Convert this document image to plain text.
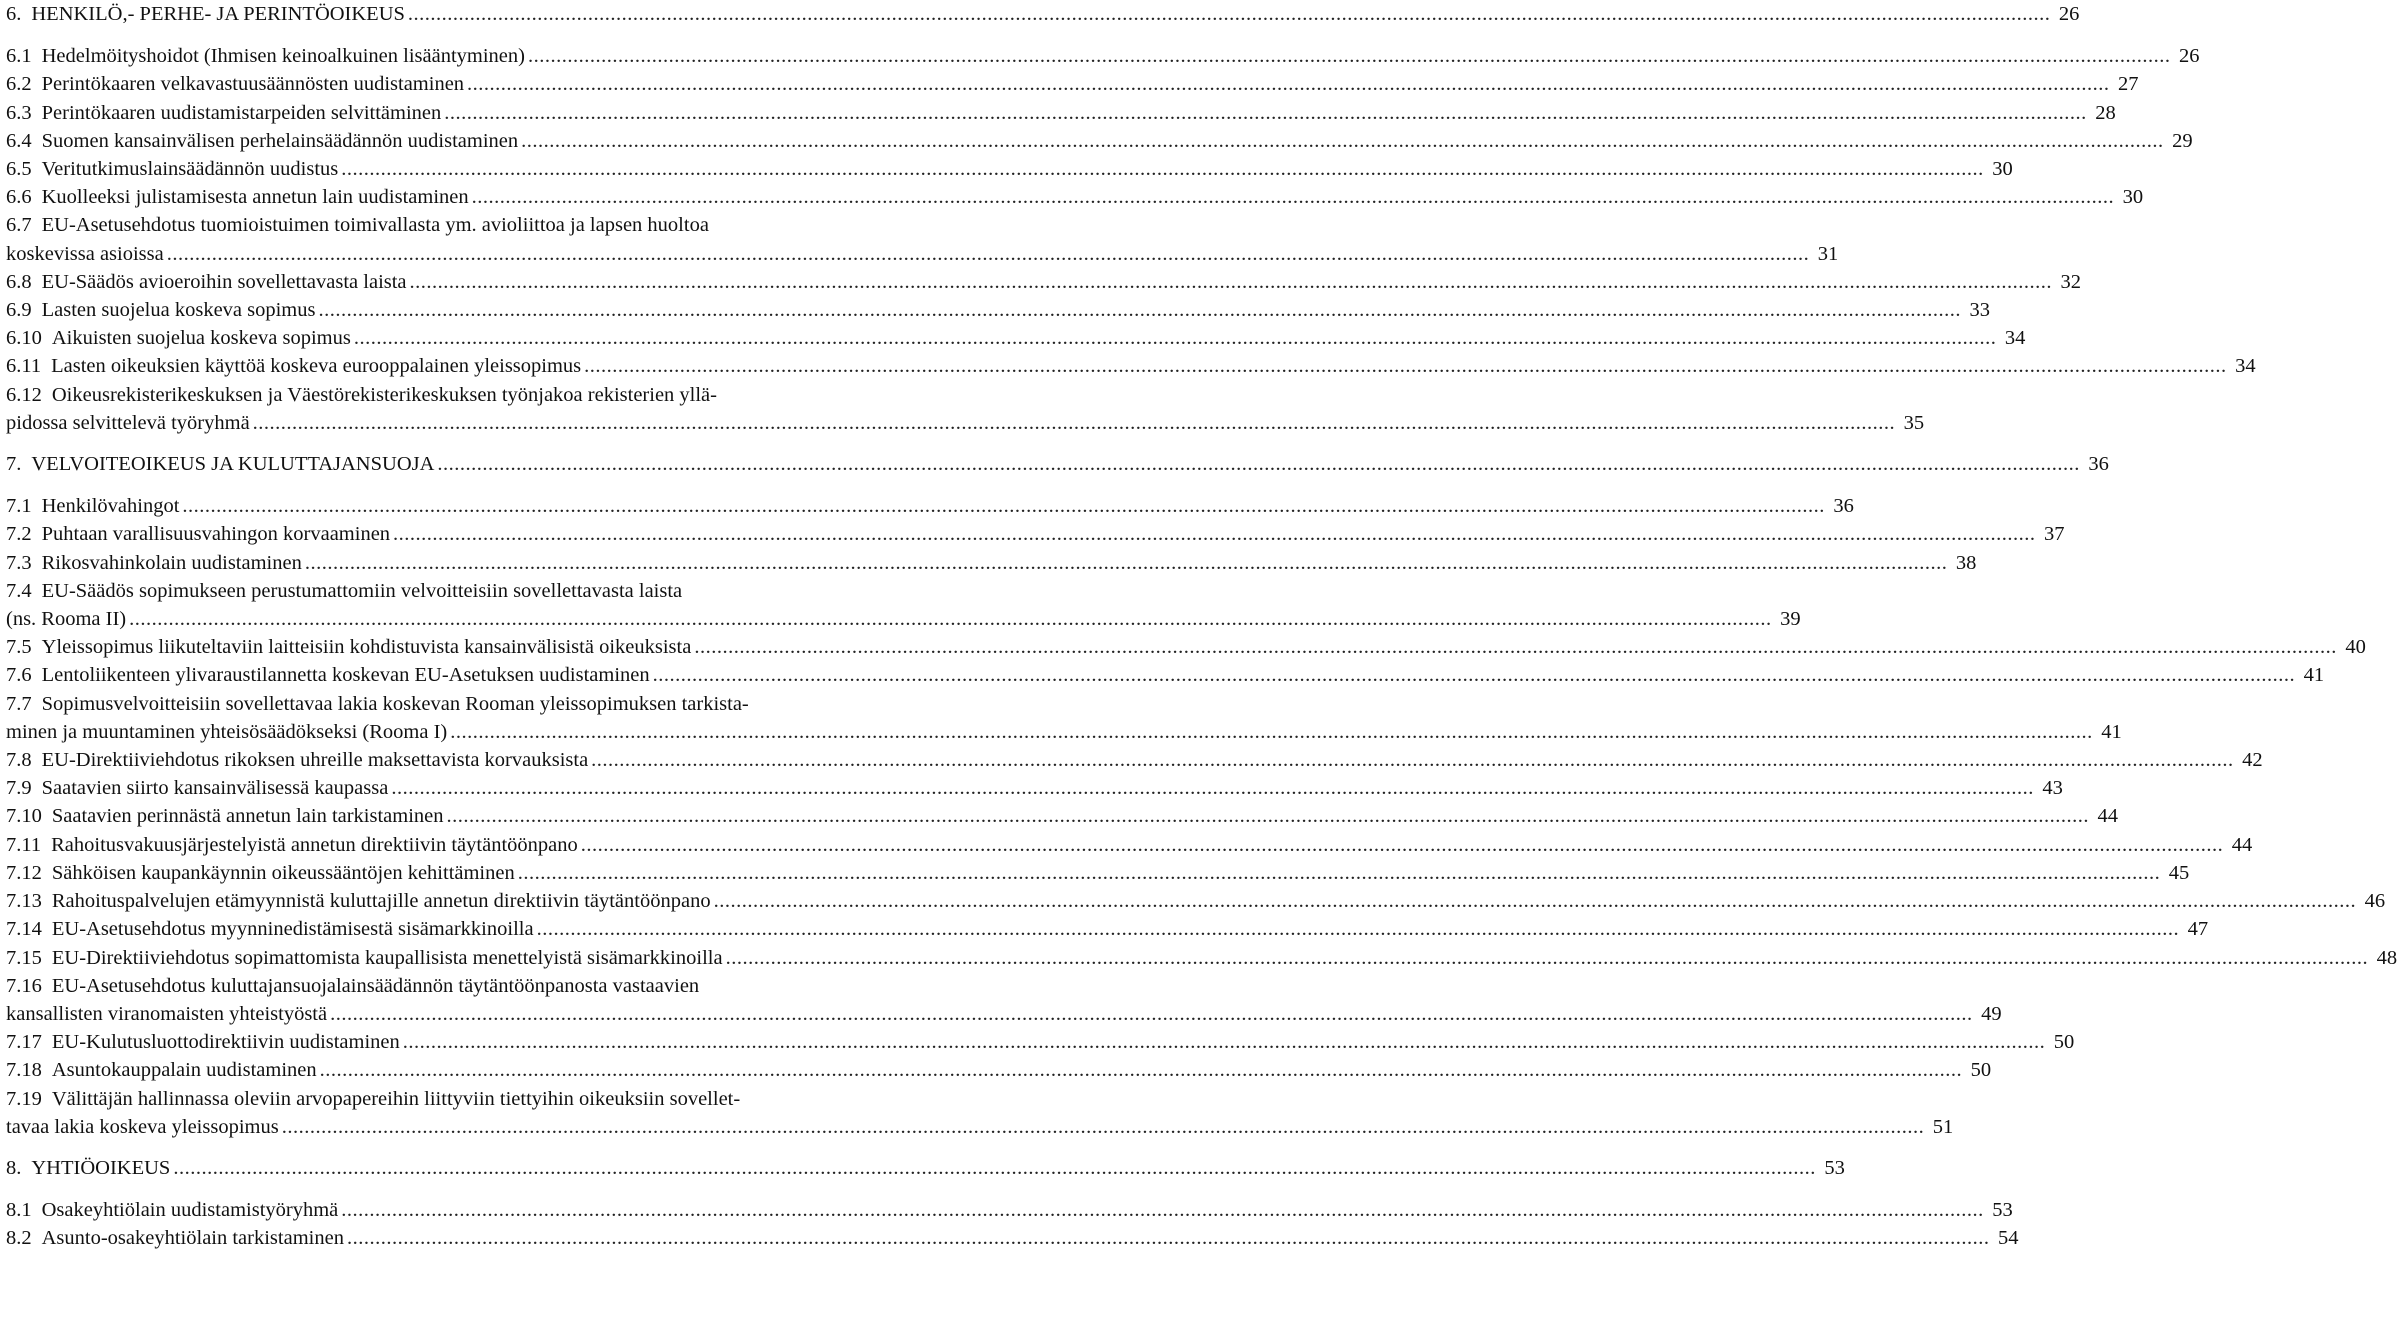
6. HENKILÖ,- PERHE- JA PERINTÖOIKEUS .....	26
6.1 Hedelmöityshoidot (Ihmisen keinoalkuinen lisääntyminen) .....	26
6.2 Perintökaaren velkavastuusäännösten uudistaminen .....	27
6.3 Perintökaaren uudistamistarpeiden selvittäminen .....	28
6.4 Suomen kansainvälisen perhelainsäädännön uudistaminen .....	29
6.5 Veritutkimuslainsäädännön uudistus .....	30
6.6 Kuolleeksi julistamisesta annetun lain uudistaminen .....	30
6.7 EU-Asetusehdotus tuomioistuimen toimivallasta ym. avioliittoa ja lapsen huoltoa
koskevissa asioissa .....	31
6.8 EU-Säädös avioeroihin sovellettavasta laista .....	32
6.9 Lasten suojelua koskeva sopimus .....	33
6.10 Aikuisten suojelua koskeva sopimus .....	34
6.11 Lasten oikeuksien käyttöä koskeva eurooppalainen yleissopimus .....	34
6.12 Oikeusrekisterikeskuksen ja Väestörekisterikeskuksen työnjakoa rekisterien yllä-
pidossa selvittelevä työryhmä .....	35
7. VELVOITEOIKEUS JA KULUTTAJANSUOJA .....	36
7.1 Henkilövahingot .....	36
7.2 Puhtaan varallisuusvahingon korvaaminen .....	37
7.3 Rikosvahinkolain uudistaminen .....	38
7.4 EU-Säädös sopimukseen perustumattomiin velvoitteisiin sovellettavasta laista
(ns. Rooma II) .....	39
7.5 Yleissopimus liikuteltaviin laitteisiin kohdistuvista kansainvälisistä oikeuksista .....	40
7.6 Lentoliikenteen ylivaraustilannetta koskevan EU-Asetuksen uudistaminen .....	41
7.7 Sopimusvelvoitteisiin sovellettavaa lakia koskevan Rooman yleissopimuksen tarkista-
minen ja muuntaminen yhteisösäädökseksi (Rooma I) .....	41
7.8 EU-Direktiiviehdotus rikoksen uhreille maksettavista korvauksista .....	42
7.9 Saatavien siirto kansainvälisessä kaupassa .....	43
7.10 Saatavien perinnästä annetun lain tarkistaminen .....	44
7.11 Rahoitusvakuusjärjestelyistä annetun direktiivin täytäntöönpano .....	44
7.12 Sähköisen kaupankäynnin oikeussääntöjen kehittäminen .....	45
7.13 Rahoituspalvelujen etämyynnistä kuluttajille annetun direktiivin täytäntöönpano .....	46
7.14 EU-Asetusehdotus myynninedistämisestä sisämarkkinoilla .....	47
7.15 EU-Direktiiviehdotus sopimattomista kaupallisista menettelyistä sisämarkkinoilla .....	48
7.16 EU-Asetusehdotus kuluttajansuojalainsäädännön täytäntöönpanosta vastaavien
kansallisten viranomaisten yhteistyöstä .....	49
7.17 EU-Kulutusluottodirektiivin uudistaminen .....	50
7.18 Asuntokauppalain uudistaminen .....	50
7.19 Välittäjän hallinnassa oleviin arvopapereihin liittyviin tiettyihin oikeuksiin sovellet-
tavaa lakia koskeva yleissopimus .....	51
8. YHTIÖOIKEUS .....	53
8.1 Osakeyhtiölain uudistamistyöryhmä .....	53
8.2 Asunto-osakeyhtiölain tarkistaminen .....	54
